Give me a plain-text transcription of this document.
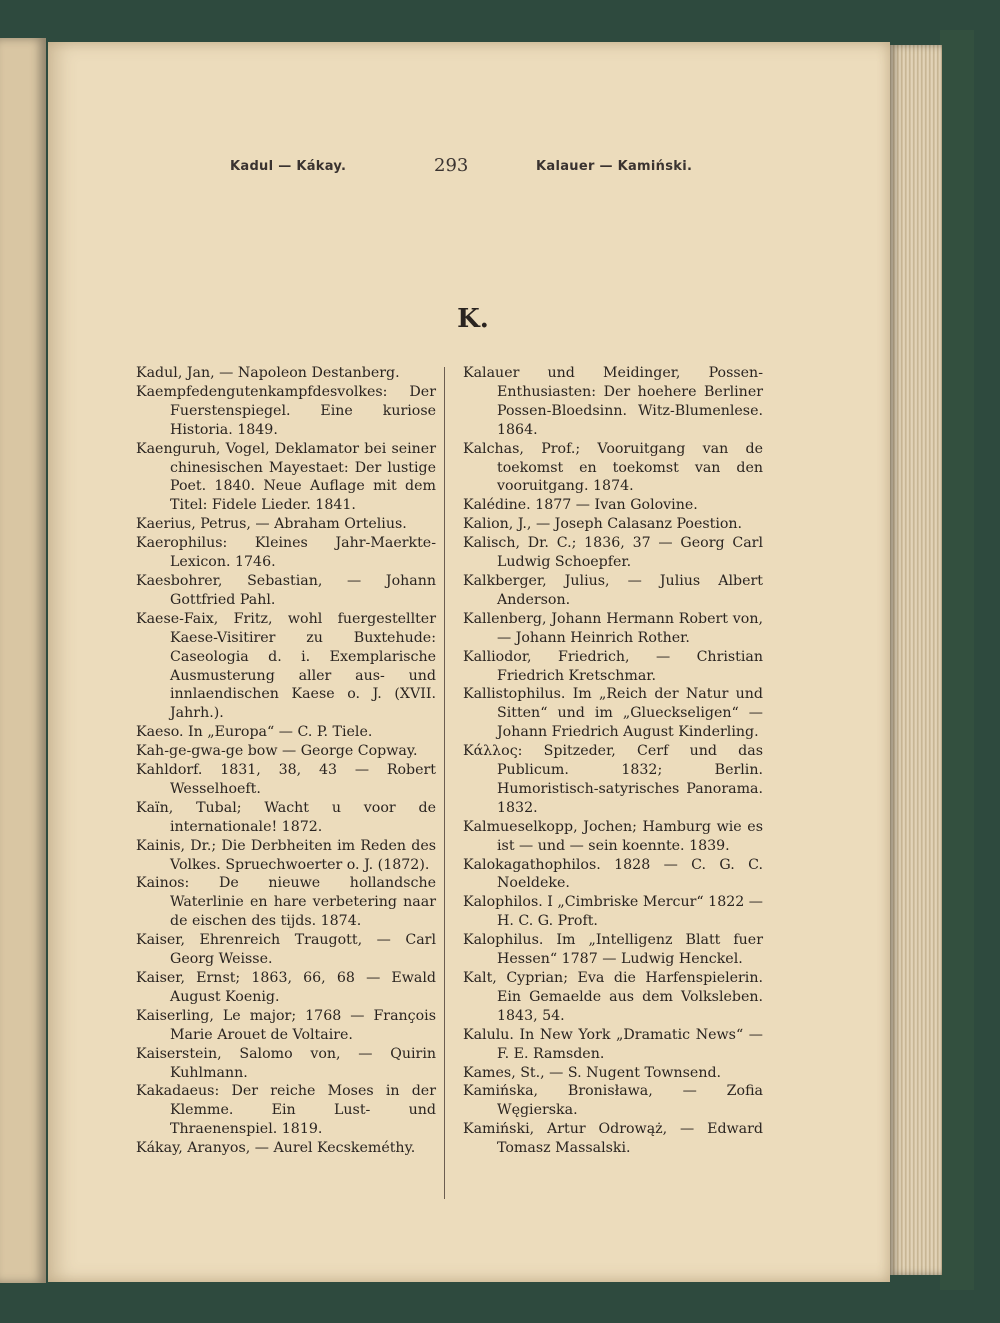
Kadul — Kákay.	293	Kalauer — Kamiński.
K.
Kadul, Jan, — Napoleon Destanberg.
Kaempfedengutenkampfdesvolkes: Der Fuerstenspiegel. Eine kuriose Historia. 1849.
Kaenguruh, Vogel, Deklamator bei seiner chinesischen Mayestaet: Der lustige Poet. 1840. Neue Auflage mit dem Titel: Fidele Lieder. 1841.
Kaerius, Petrus, — Abraham Ortelius.
Kaerophilus: Kleines Jahr-Maerkte-Lexicon. 1746.
Kaesbohrer, Sebastian, — Johann Gottfried Pahl.
Kaese-Faix, Fritz, wohl fuergestellter Kaese-Visitirer zu Buxtehude: Caseologia d. i. Exemplarische Ausmusterung aller aus- und innlaendischen Kaese o. J. (XVII. Jahrh.).
Kaeso. In „Europa“ — C. P. Tiele.
Kah-ge-gwa-ge bow — George Copway.
Kahldorf. 1831, 38, 43 — Robert Wesselhoeft.
Kaïn, Tubal; Wacht u voor de internationale! 1872.
Kainis, Dr.; Die Derbheiten im Reden des Volkes. Spruechwoerter o. J. (1872).
Kainos: De nieuwe hollandsche Waterlinie en hare verbetering naar de eischen des tijds. 1874.
Kaiser, Ehrenreich Traugott, — Carl Georg Weisse.
Kaiser, Ernst; 1863, 66, 68 — Ewald August Koenig.
Kaiserling, Le major; 1768 — François Marie Arouet de Voltaire.
Kaiserstein, Salomo von, — Quirin Kuhlmann.
Kakadaeus: Der reiche Moses in der Klemme. Ein Lust- und Thraenenspiel. 1819.
Kákay, Aranyos, — Aurel Kecskeméthy.
Kalauer und Meidinger, Possen-Enthusiasten: Der hoehere Berliner Possen-Bloedsinn. Witz-Blumenlese. 1864.
Kalchas, Prof.; Vooruitgang van de toekomst en toekomst van den vooruitgang. 1874.
Kalédine. 1877 — Ivan Golovine.
Kalion, J., — Joseph Calasanz Poestion.
Kalisch, Dr. C.; 1836, 37 — Georg Carl Ludwig Schoepfer.
Kalkberger, Julius, — Julius Albert Anderson.
Kallenberg, Johann Hermann Robert von, — Johann Heinrich Rother.
Kalliodor, Friedrich, — Christian Friedrich Kretschmar.
Kallistophilus. Im „Reich der Natur und Sitten“ und im „Glueckseligen“ — Johann Friedrich August Kinderling.
Κάλλος: Spitzeder, Cerf und das Publicum. 1832; Berlin. Humoristisch-satyrisches Panorama. 1832.
Kalmueselkopp, Jochen; Hamburg wie es ist — und — sein koennte. 1839.
Kalokagathophilos. 1828 — C. G. C. Noeldeke.
Kalophilos. I „Cimbriske Mercur“ 1822 — H. C. G. Proft.
Kalophilus. Im „Intelligenz Blatt fuer Hessen“ 1787 — Ludwig Henckel.
Kalt, Cyprian; Eva die Harfenspielerin. Ein Gemaelde aus dem Volksleben. 1843, 54.
Kalulu. In New York „Dramatic News“ — F. E. Ramsden.
Kames, St., — S. Nugent Townsend.
Kamińska, Bronisława, — Zofia Węgierska.
Kamiński, Artur Odrowąż, — Edward Tomasz Massalski.
